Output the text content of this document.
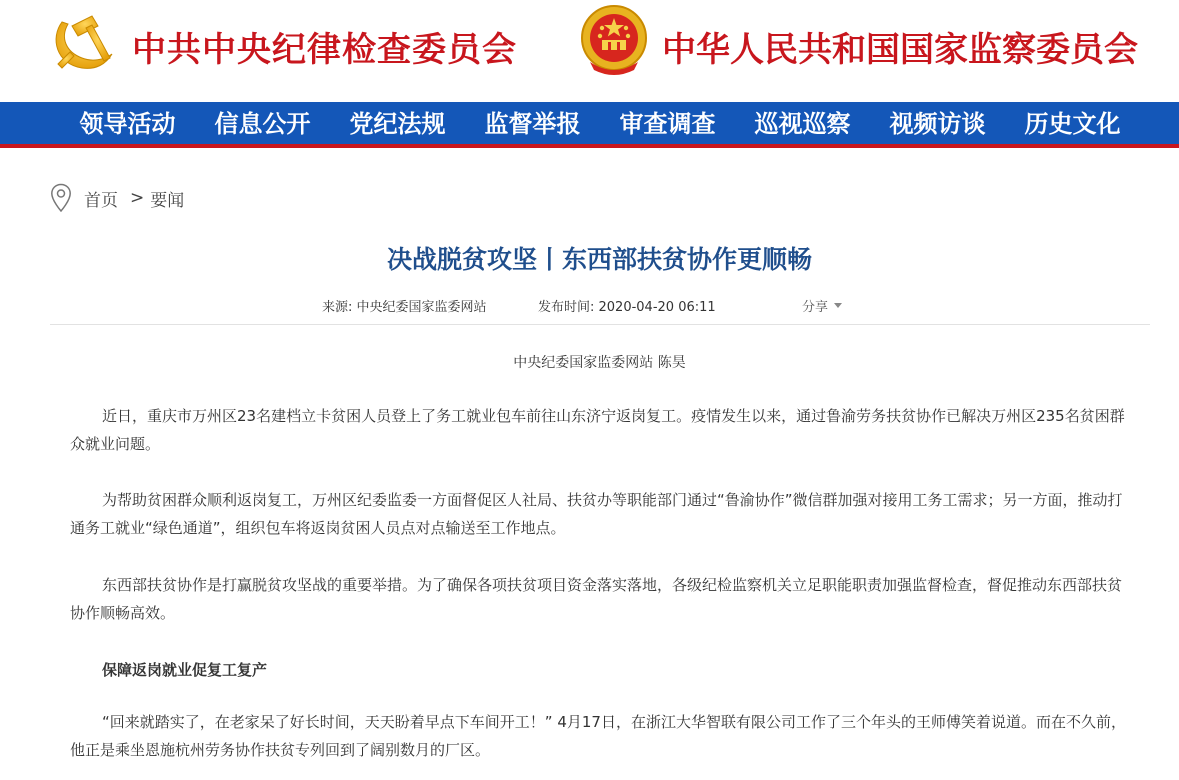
中共中央纪律检查委员会	中华人民共和国国家监察委员会
领导活动	信息公开	党纪法规	监督举报	审查调查	巡视巡察	视频访谈	历史文化
首页 > 要闻
决战脱贫攻坚丨东西部扶贫协作更顺畅
来源: 中央纪委国家监委网站	发布时间: 2020-04-20 06:11	分享
中央纪委国家监委网站 陈昊

近日，重庆市万州区23名建档立卡贫困人员登上了务工就业包车前往山东济宁返岗复工。疫情发生以来，通过鲁渝劳务扶贫协作已解决万州区235名贫困群众就业问题。

为帮助贫困群众顺利返岗复工，万州区纪委监委一方面督促区人社局、扶贫办等职能部门通过“鲁渝协作”微信群加强对接用工务工需求；另一方面，推动打通务工就业“绿色通道”，组织包车将返岗贫困人员点对点输送至工作地点。

东西部扶贫协作是打赢脱贫攻坚战的重要举措。为了确保各项扶贫项目资金落实落地，各级纪检监察机关立足职能职责加强监督检查，督促推动东西部扶贫协作顺畅高效。

保障返岗就业促复工复产

“回来就踏实了，在老家呆了好长时间，天天盼着早点下车间开工！” 4月17日，在浙江大华智联有限公司工作了三个年头的王师傅笑着说道。而在不久前，他正是乘坐恩施杭州劳务协作扶贫专列回到了阔别数月的厂区。
